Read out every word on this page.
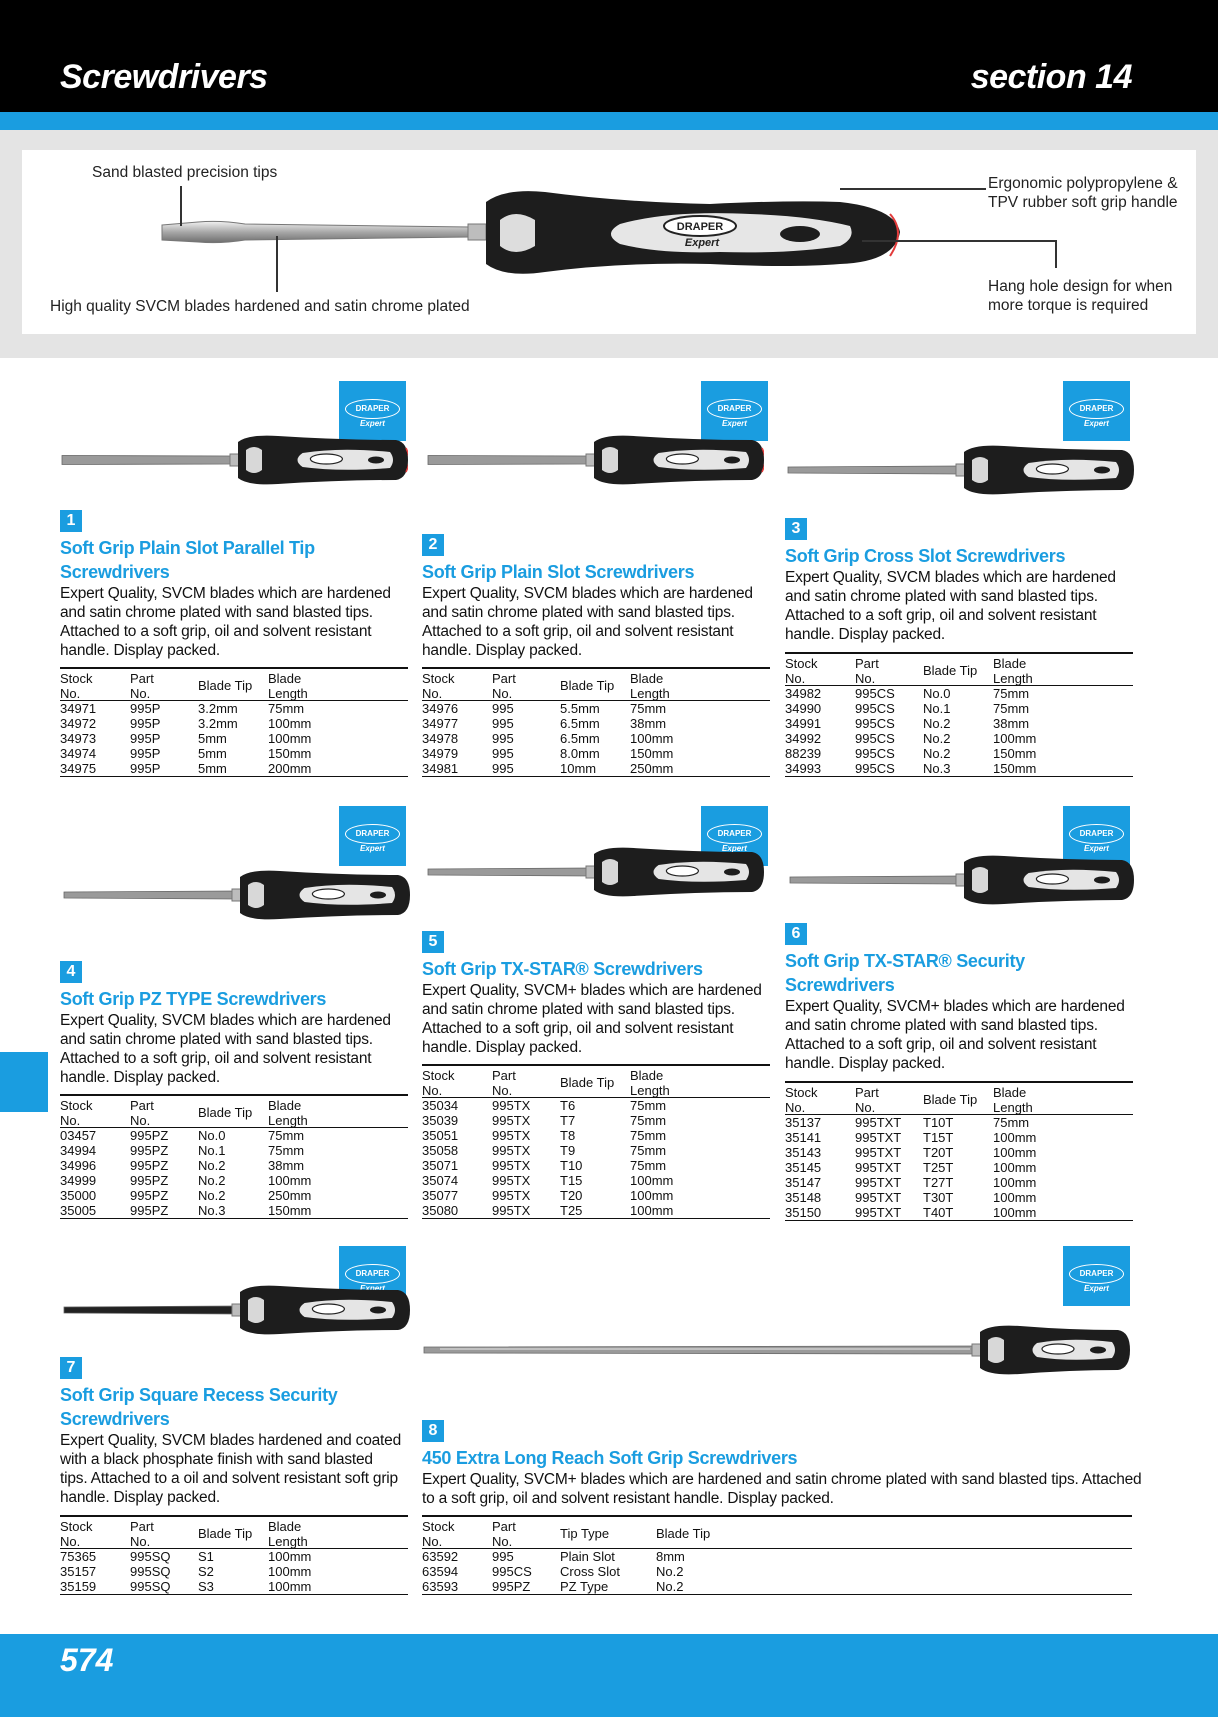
Screwdrivers	section 14
DRAPER
Expert
Sand blasted precision tips
High quality SVCM blades hardened and satin chrome plated
Ergonomic polypropylene &
TPV rubber soft grip handle
Hang hole design for when
more torque is required
DRAPER
Expert
1
Soft Grip Plain Slot Parallel Tip
Screwdrivers
Expert Quality, SVCM blades which are hardened
and satin chrome plated with sand blasted tips.
Attached to a soft grip, oil and solvent resistant
handle. Display packed.
Stock
No.
Part
No.
Blade Tip Blade
Length
34971	995P	3.2mm 75mm
34972	995P	3.2mm 100mm
34973	995P	5mm	100mm
34974	995P	5mm	150mm
34975	995P	5mm	200mm
DRAPER
Expert
2
Soft Grip Plain Slot Screwdrivers
Expert Quality, SVCM blades which are hardened
and satin chrome plated with sand blasted tips.
Attached to a soft grip, oil and solvent resistant
handle. Display packed.
Stock
No.
Part
No.
Blade Tip Blade
Length
34976	995	5.5mm 75mm
34977	995	6.5mm 38mm
34978	995	6.5mm 100mm
34979	995	8.0mm 150mm
34981	995	10mm	250mm
DRAPER
Expert
3
Soft Grip Cross Slot Screwdrivers
Expert Quality, SVCM blades which are hardened
and satin chrome plated with sand blasted tips.
Attached to a soft grip, oil and solvent resistant
handle. Display packed.
Stock
No.
Part
No.
Blade Tip Blade
Length
34982	995CS No.0	75mm
34990	995CS No.1	75mm
34991	995CS No.2	38mm
34992	995CS No.2	100mm
88239	995CS No.2	150mm
34993	995CS No.3	150mm
DRAPER
Expert
4
Soft Grip PZ TYPE Screwdrivers
Expert Quality, SVCM blades which are hardened
and satin chrome plated with sand blasted tips.
Attached to a soft grip, oil and solvent resistant
handle. Display packed.
Stock
No.
Part
No.
Blade Tip Blade
Length
03457	995PZ No.0	75mm
34994	995PZ No.1	75mm
34996	995PZ No.2	38mm
34999	995PZ No.2	100mm
35000	995PZ No.2	250mm
35005	995PZ No.3	150mm
DRAPER
Expert
5
Soft Grip TX-STAR® Screwdrivers
Expert Quality, SVCM+ blades which are hardened
and satin chrome plated with sand blasted tips.
Attached to a soft grip, oil and solvent resistant
handle. Display packed.
Stock
No.
Part
No.
Blade Tip Blade
Length
35034	995TX T6	75mm
35039	995TX T7	75mm
35051	995TX T8	75mm
35058	995TX T9	75mm
35071	995TX T10	75mm
35074	995TX T15	100mm
35077	995TX T20	100mm
35080	995TX T25	100mm
DRAPER
Expert
6
Soft Grip TX-STAR® Security
Screwdrivers
Expert Quality, SVCM+ blades which are hardened
and satin chrome plated with sand blasted tips.
Attached to a soft grip, oil and solvent resistant
handle. Display packed.
Stock
No.
Part
No.
Blade Tip Blade
Length
35137	995TXT T10T	75mm
35141	995TXT T15T	100mm
35143	995TXT T20T	100mm
35145	995TXT T25T	100mm
35147	995TXT T27T	100mm
35148	995TXT T30T	100mm
35150	995TXT T40T	100mm
DRAPER
Expert
7
Soft Grip Square Recess Security
Screwdrivers
Expert Quality, SVCM blades hardened and coated
with a black phosphate finish with sand blasted
tips. Attached to a oil and solvent resistant soft grip
handle. Display packed.
Stock
No.
Part
No.
Blade Tip Blade
Length
75365	995SQ S1	100mm
35157	995SQ S2	100mm
35159	995SQ S3	100mm
DRAPER
Expert
8
450 Extra Long Reach Soft Grip Screwdrivers
Expert Quality, SVCM+ blades which are hardened and satin chrome plated with sand blasted tips. Attached
to a soft grip, oil and solvent resistant handle. Display packed.
Stock
No.
Part
No.
Tip Type	Blade Tip
63592	995	Plain Slot	8mm
63594	995CS Cross Slot	No.2
63593	995PZ PZ Type	No.2
574
